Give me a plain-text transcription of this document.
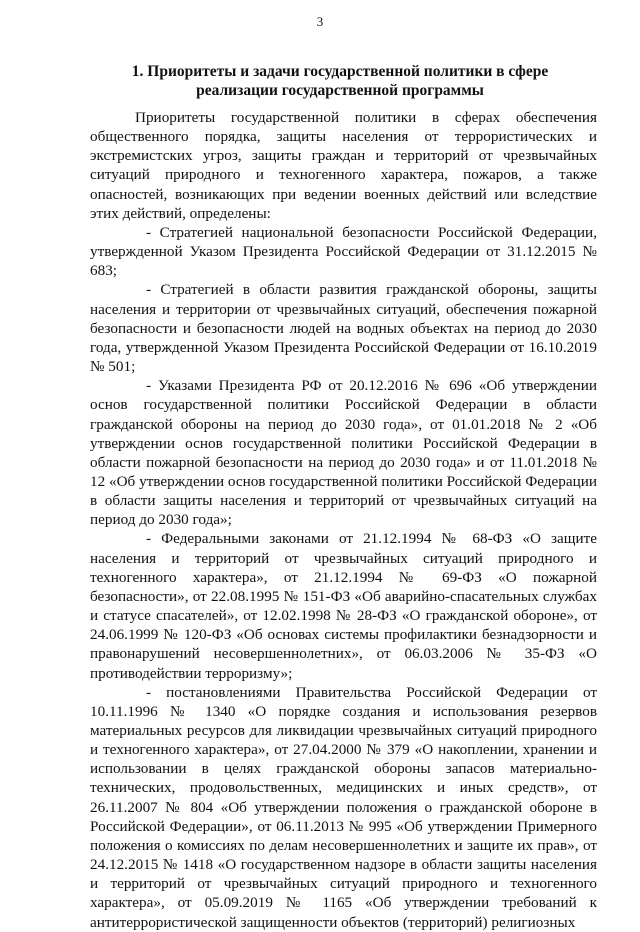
3
1. Приоритеты и задачи государственной политики в сфере реализации государственной программы

Приоритеты государственной политики в сферах обеспечения общественного порядка, защиты населения от террористических и экстремистских угроз, защиты граждан и территорий от чрезвычайных ситуаций природного и техногенного характера, пожаров, а также опасностей, возникающих при ведении военных действий или вследствие этих действий, определены:

- Стратегией национальной безопасности Российской Федерации, утвержденной Указом Президента Российской Федерации от 31.12.2015 № 683;

- Стратегией в области развития гражданской обороны, защиты населения и территории от чрезвычайных ситуаций, обеспечения пожарной безопасности и безопасности людей на водных объектах на период до 2030 года, утвержденной Указом Президента Российской Федерации от 16.10.2019 № 501;

- Указами Президента РФ от 20.12.2016 № 696 «Об утверждении основ государственной политики Российской Федерации в области гражданской обороны на период до 2030 года», от 01.01.2018 № 2 «Об утверждении основ государственной политики Российской Федерации в области пожарной безопасности на период до 2030 года» и от 11.01.2018 № 12 «Об утверждении основ государственной политики Российской Федерации в области защиты населения и территорий от чрезвычайных ситуаций на период до 2030 года»;

- Федеральными законами от 21.12.1994 № 68-ФЗ «О защите населения и территорий от чрезвычайных ситуаций природного и техногенного характера», от 21.12.1994 № 69-ФЗ «О пожарной безопасности», от 22.08.1995 № 151-ФЗ «Об аварийно-спасательных службах и статусе спасателей», от 12.02.1998 № 28-ФЗ «О гражданской обороне», от 24.06.1999 № 120-ФЗ «Об основах системы профилактики безнадзорности и правонарушений несовершеннолетних», от 06.03.2006 № 35-ФЗ «О противодействии терроризму»;

- постановлениями Правительства Российской Федерации от 10.11.1996 № 1340 «О порядке создания и использования резервов материальных ресурсов для ликвидации чрезвычайных ситуаций природного и техногенного характера», от 27.04.2000 № 379 «О накоплении, хранении и использовании в целях гражданской обороны запасов материально-технических, продовольственных, медицинских и иных средств», от 26.11.2007 № 804 «Об утверждении положения о гражданской обороне в Российской Федерации», от 06.11.2013 № 995 «Об утверждении Примерного положения о комиссиях по делам несовершеннолетних и защите их прав», от 24.12.2015 № 1418 «О государственном надзоре в области защиты населения и территорий от чрезвычайных ситуаций природного и техногенного характера», от 05.09.2019 № 1165 «Об утверждении требований к антитеррористической защищенности объектов (территорий) религиозных
